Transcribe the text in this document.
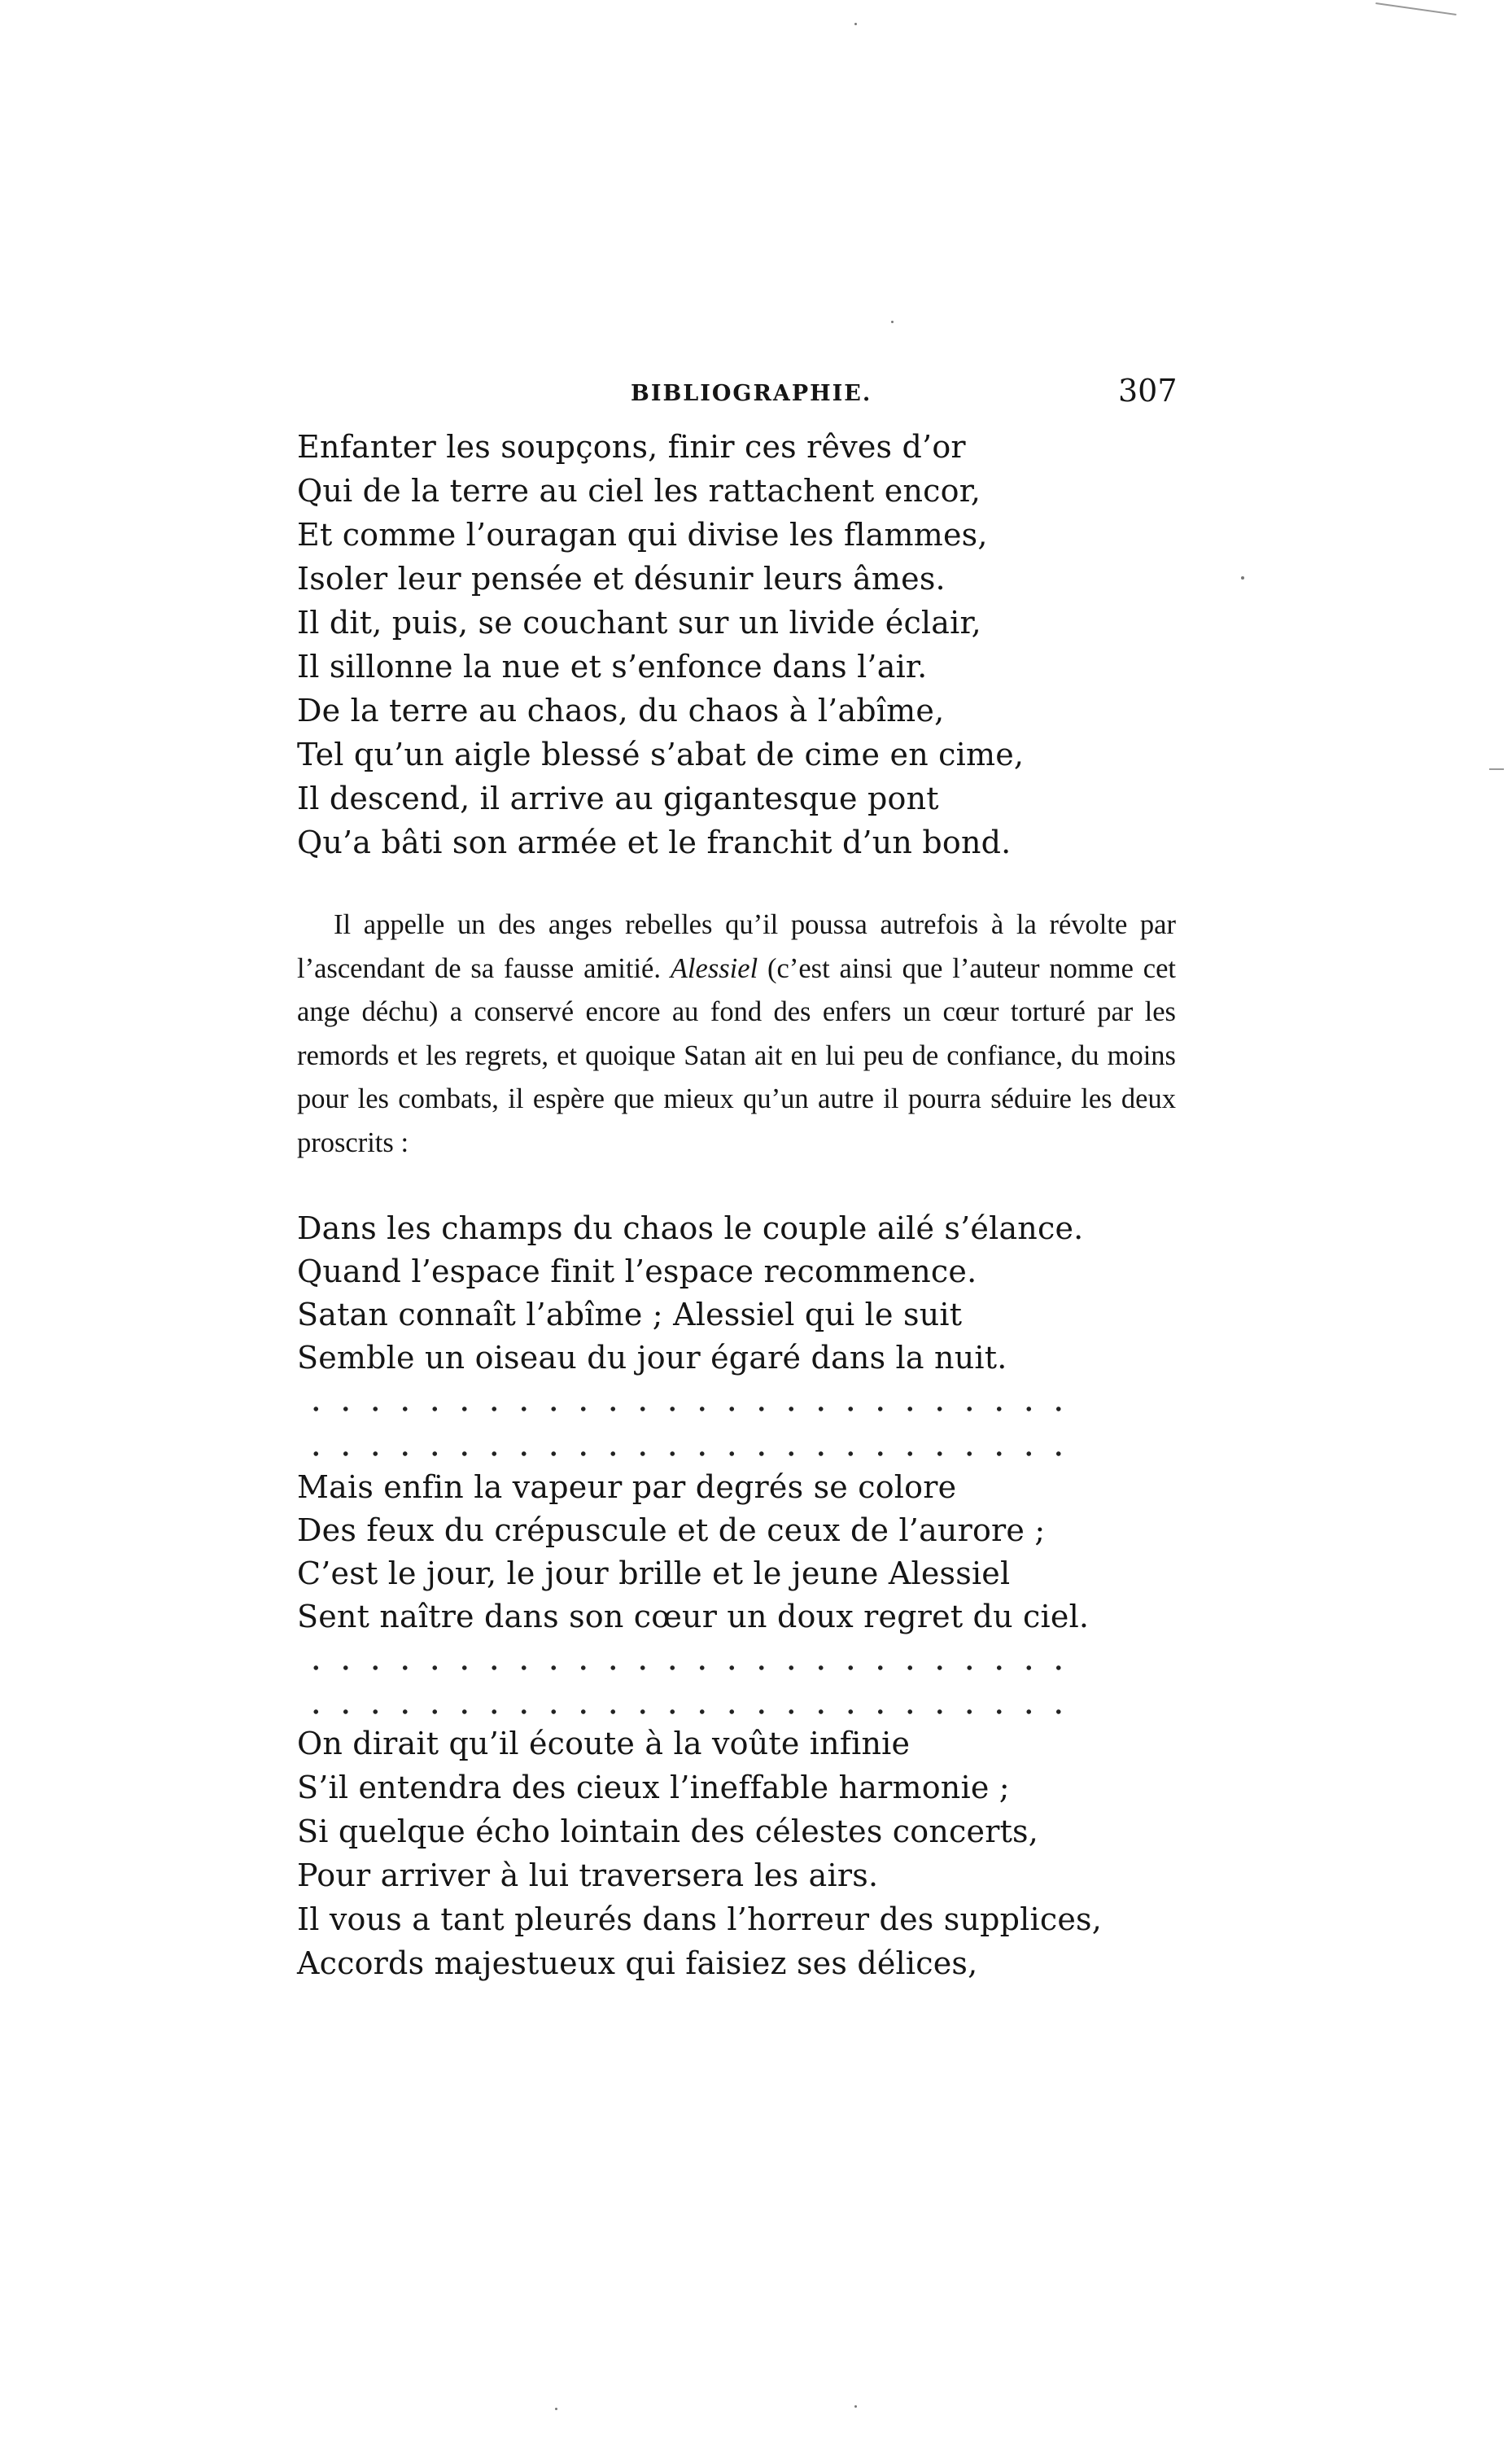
BIBLIOGRAPHIE.	307
Enfanter les soupçons, finir ces rêves d’or
Qui de la terre au ciel les rattachent encor,
Et comme l’ouragan qui divise les flammes,
Isoler leur pensée et désunir leurs âmes.
Il dit, puis, se couchant sur un livide éclair,
Il sillonne la nue et s’enfonce dans l’air.
De la terre au chaos, du chaos à l’abîme,
Tel qu’un aigle blessé s’abat de cime en cime,
Il descend, il arrive au gigantesque pont
Qu’a bâti son armée et le franchit d’un bond.
Il appelle un des anges rebelles qu’il poussa autrefois à la révolte par l’ascendant de sa fausse amitié. Alessiel (c’est ainsi que l’auteur nomme cet ange déchu) a conservé encore au fond des enfers un cœur torturé par les remords et les regrets, et quoique Satan ait en lui peu de confiance, du moins pour les combats, il espère que mieux qu’un autre il pourra séduire les deux proscrits :
Dans les champs du chaos le couple ailé s’élance.
Quand l’espace finit l’espace recommence.
Satan connaît l’abîme ; Alessiel qui le suit
Semble un oiseau du jour égaré dans la nuit.
Mais enfin la vapeur par degrés se colore
Des feux du crépuscule et de ceux de l’aurore ;
C’est le jour, le jour brille et le jeune Alessiel
Sent naître dans son cœur un doux regret du ciel.
On dirait qu’il écoute à la voûte infinie
S’il entendra des cieux l’ineffable harmonie ;
Si quelque écho lointain des célestes concerts,
Pour arriver à lui traversera les airs.
Il vous a tant pleurés dans l’horreur des supplices,
Accords majestueux qui faisiez ses délices,
